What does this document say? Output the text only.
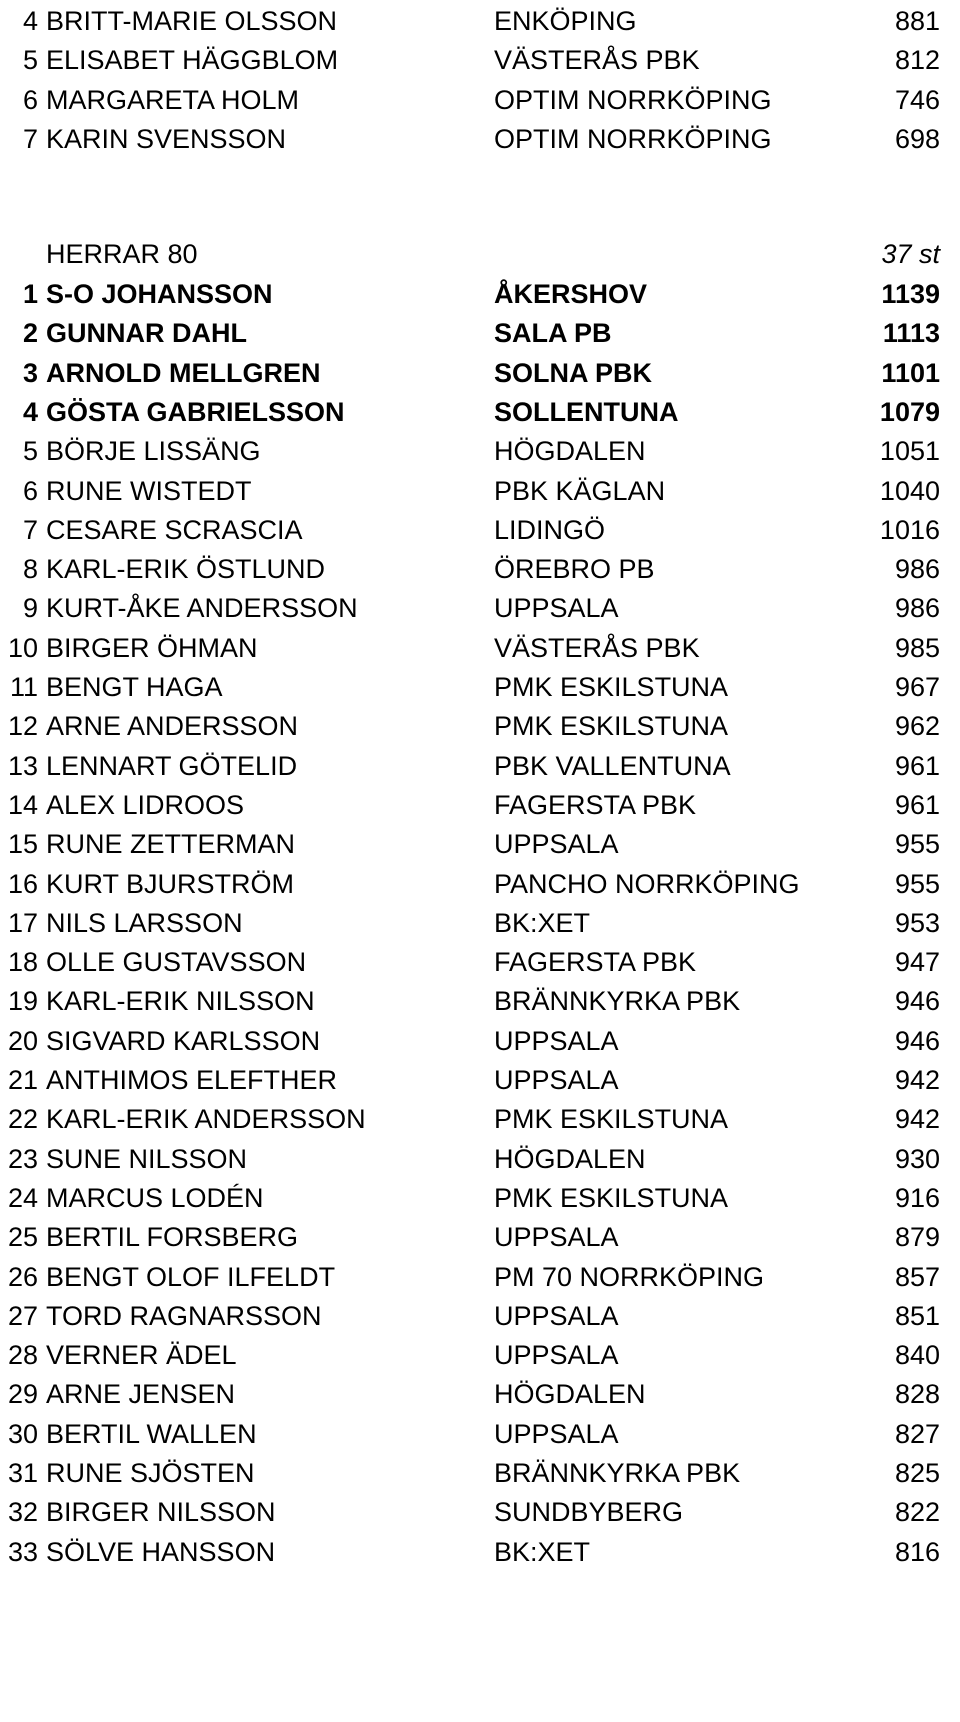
4 BRITT-MARIE OLSSON	ENKÖPING	881
5 ELISABET HÄGGBLOM	VÄSTERÅS PBK	812
6 MARGARETA HOLM	OPTIM NORRKÖPING	746
7 KARIN SVENSSON	OPTIM NORRKÖPING	698
HERRAR 80	37 st
1 S-O JOHANSSON	ÅKERSHOV	1139
2 GUNNAR DAHL	SALA PB	1113
3 ARNOLD MELLGREN	SOLNA PBK	1101
4 GÖSTA GABRIELSSON	SOLLENTUNA	1079
5 BÖRJE LISSÄNG	HÖGDALEN	1051
6 RUNE WISTEDT	PBK KÄGLAN	1040
7 CESARE SCRASCIA	LIDINGÖ	1016
8 KARL-ERIK ÖSTLUND	ÖREBRO PB	986
9 KURT-ÅKE ANDERSSON	UPPSALA	986
10 BIRGER ÖHMAN	VÄSTERÅS PBK	985
11 BENGT HAGA	PMK ESKILSTUNA	967
12 ARNE ANDERSSON	PMK ESKILSTUNA	962
13 LENNART GÖTELID	PBK VALLENTUNA	961
14 ALEX LIDROOS	FAGERSTA PBK	961
15 RUNE ZETTERMAN	UPPSALA	955
16 KURT BJURSTRÖM	PANCHO NORRKÖPING	955
17 NILS LARSSON	BK:XET	953
18 OLLE GUSTAVSSON	FAGERSTA PBK	947
19 KARL-ERIK NILSSON	BRÄNNKYRKA PBK	946
20 SIGVARD KARLSSON	UPPSALA	946
21 ANTHIMOS ELEFTHER	UPPSALA	942
22 KARL-ERIK ANDERSSON	PMK ESKILSTUNA	942
23 SUNE NILSSON	HÖGDALEN	930
24 MARCUS LODÉN	PMK ESKILSTUNA	916
25 BERTIL FORSBERG	UPPSALA	879
26 BENGT OLOF ILFELDT	PM 70 NORRKÖPING	857
27 TORD RAGNARSSON	UPPSALA	851
28 VERNER ÄDEL	UPPSALA	840
29 ARNE JENSEN	HÖGDALEN	828
30 BERTIL WALLEN	UPPSALA	827
31 RUNE SJÖSTEN	BRÄNNKYRKA PBK	825
32 BIRGER NILSSON	SUNDBYBERG	822
33 SÖLVE HANSSON	BK:XET	816
